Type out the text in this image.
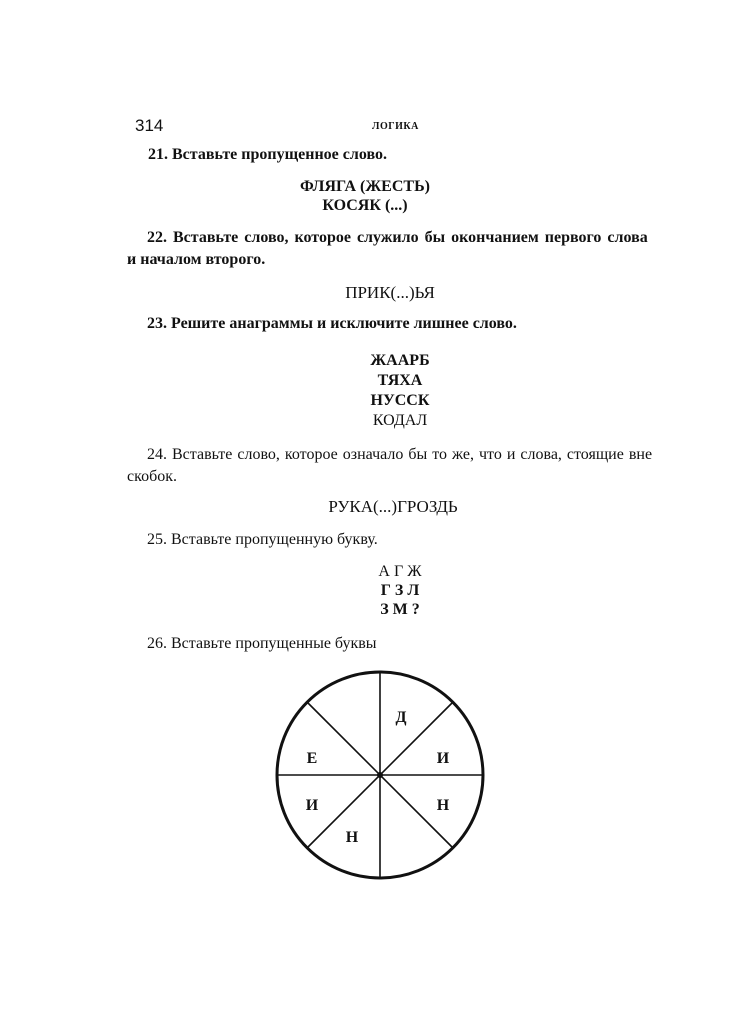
314	ЛОГИКА
21. Вставьте пропущенное слово.
ФЛЯГА (ЖЕСТЬ)
КОСЯК (...)
22. Вставьте слово, которое служило бы окончанием первого слова
и началом второго.
ПРИК(...)ЬЯ
23. Решите анаграммы и исключите лишнее слово.
ЖААРБ
ТЯХА
НУССК
КОДАЛ
24. Вставьте слово, которое означало бы то же, что и слова, стоящие вне
скобок.
РУКА(...)ГРОЗДЬ
25. Вставьте пропущенную букву.
А Г Ж
Г З Л
З М ?
26. Вставьте пропущенные буквы
Д
И
Н
Н
И
Е
